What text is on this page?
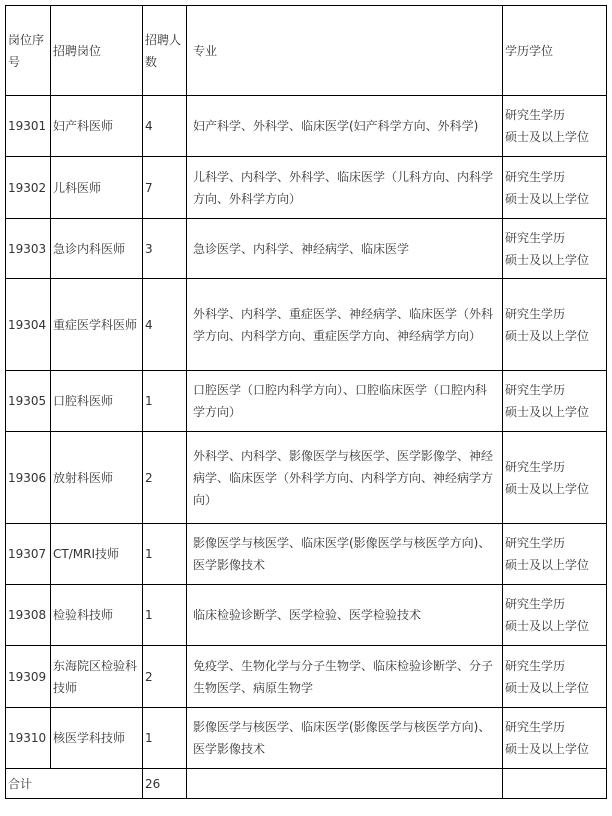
岗位序号	招聘岗位	招聘人数	专业	学历学位
19301	妇产科医师	4	妇产科学、外科学、临床医学(妇产科学方向、外科学)	研究生学历
硕士及以上学位

19302	儿科医师	7	儿科学、内科学、外科学、临床医学（儿科方向、内科学方向、外科学方向）	研究生学历
硕士及以上学位

19303	急诊内科医师	3	急诊医学、内科学、神经病学、临床医学	研究生学历
硕士及以上学位

19304	重症医学科医师	4	外科学、内科学、重症医学、神经病学、临床医学（外科学方向、内科学方向、重症医学方向、神经病学方向）	研究生学历
硕士及以上学位

19305	口腔科医师	1	口腔医学（口腔内科学方向）、口腔临床医学（口腔内科学方向）	研究生学历
硕士及以上学位

19306	放射科医师	2	外科学、内科学、影像医学与核医学、医学影像学、神经病学、临床医学（外科学方向、内科学方向、神经病学方向）	研究生学历
硕士及以上学位

19307	CT/MRI技师	1	影像医学与核医学、临床医学(影像医学与核医学方向)、医学影像技术	研究生学历
硕士及以上学位

19308	检验科技师	1	临床检验诊断学、医学检验、医学检验技术	研究生学历
硕士及以上学位

19309	东海院区检验科技师	2	免疫学、生物化学与分子生物学、临床检验诊断学、分子生物医学、病原生物学	研究生学历
硕士及以上学位

19310	核医学科技师	1	影像医学与核医学、临床医学(影像医学与核医学方向)、医学影像技术	研究生学历
硕士及以上学位

合计		26		
